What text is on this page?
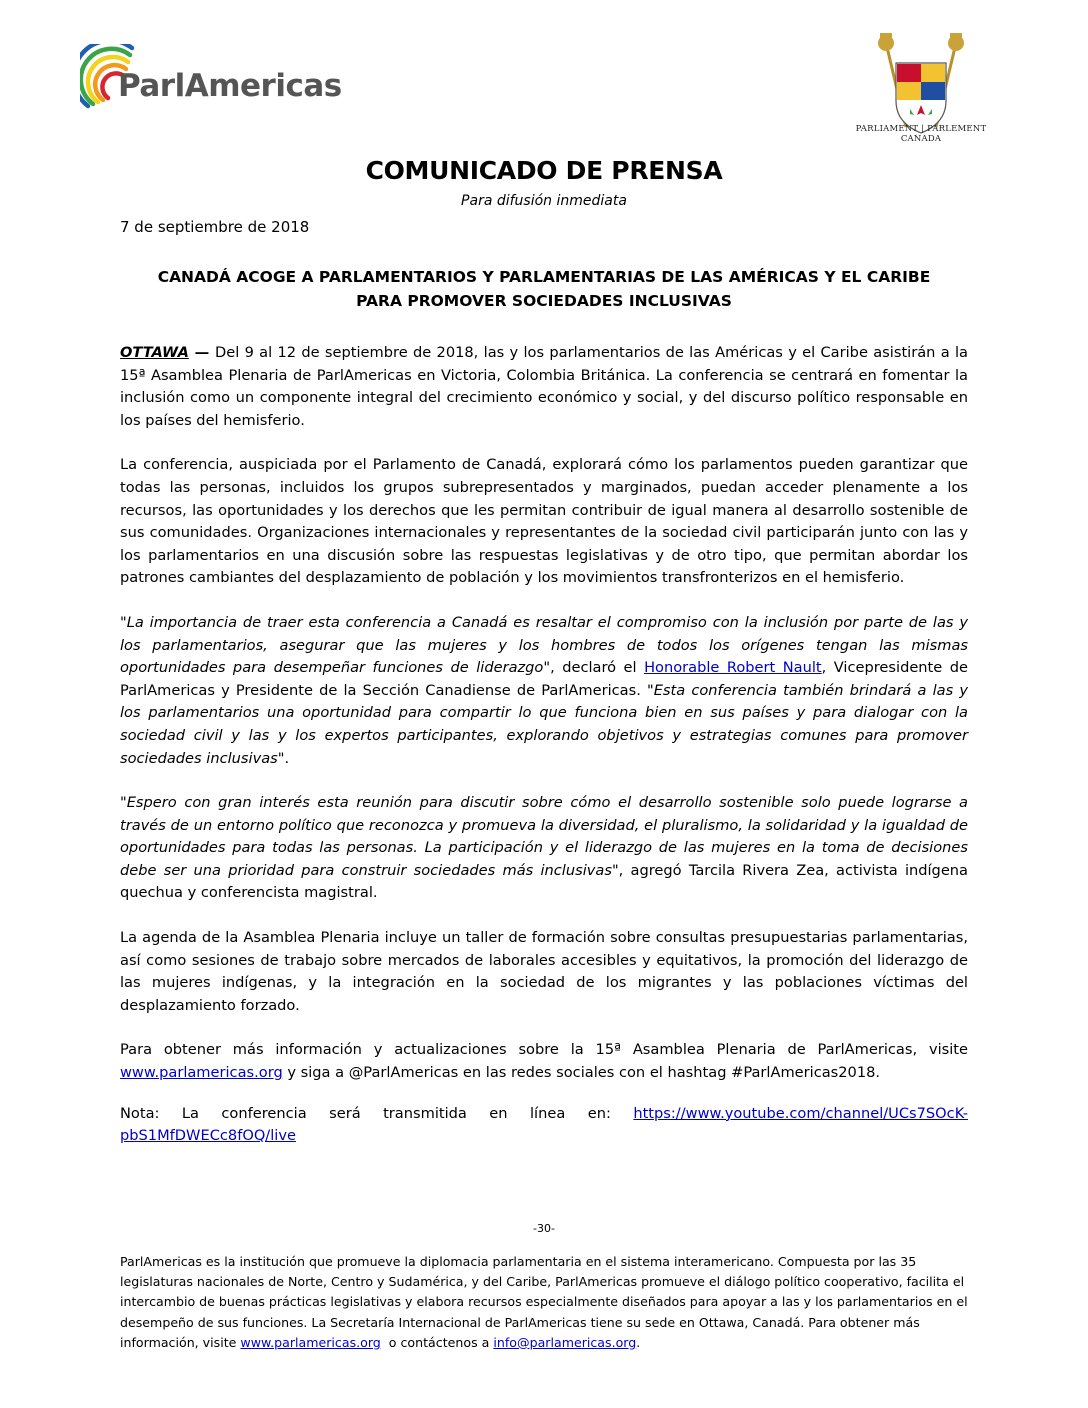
ParlAmericas
PARLIAMENT | PARLEMENT
CANADA
COMUNICADO DE PRENSA
Para difusión inmediata
7 de septiembre de 2018
CANADÁ ACOGE A PARLAMENTARIOS Y PARLAMENTARIAS DE LAS AMÉRICAS Y EL CARIBE
PARA PROMOVER SOCIEDADES INCLUSIVAS

OTTAWA — Del 9 al 12 de septiembre de 2018, las y los parlamentarios de las Américas y el Caribe asistirán a la 15ª Asamblea Plenaria de ParlAmericas en Victoria, Colombia Británica. La conferencia se centrará en fomentar la inclusión como un componente integral del crecimiento económico y social, y del discurso político responsable en los países del hemisferio.

La conferencia, auspiciada por el Parlamento de Canadá, explorará cómo los parlamentos pueden garantizar que todas las personas, incluidos los grupos subrepresentados y marginados, puedan acceder plenamente a los recursos, las oportunidades y los derechos que les permitan contribuir de igual manera al desarrollo sostenible de sus comunidades. Organizaciones internacionales y representantes de la sociedad civil participarán junto con las y los parlamentarios en una discusión sobre las respuestas legislativas y de otro tipo, que permitan abordar los patrones cambiantes del desplazamiento de población y los movimientos transfronterizos en el hemisferio.

"La importancia de traer esta conferencia a Canadá es resaltar el compromiso con la inclusión por parte de las y los parlamentarios, asegurar que las mujeres y los hombres de todos los orígenes tengan las mismas oportunidades para desempeñar funciones de liderazgo", declaró el Honorable Robert Nault, Vicepresidente de ParlAmericas y Presidente de la Sección Canadiense de ParlAmericas. "Esta conferencia también brindará a las y los parlamentarios una oportunidad para compartir lo que funciona bien en sus países y para dialogar con la sociedad civil y las y los expertos participantes, explorando objetivos y estrategias comunes para promover sociedades inclusivas".

"Espero con gran interés esta reunión para discutir sobre cómo el desarrollo sostenible solo puede lograrse a través de un entorno político que reconozca y promueva la diversidad, el pluralismo, la solidaridad y la igualdad de oportunidades para todas las personas. La participación y el liderazgo de las mujeres en la toma de decisiones debe ser una prioridad para construir sociedades más inclusivas", agregó Tarcila Rivera Zea, activista indígena quechua y conferencista magistral.

La agenda de la Asamblea Plenaria incluye un taller de formación sobre consultas presupuestarias parlamentarias, así como sesiones de trabajo sobre mercados de laborales accesibles y equitativos, la promoción del liderazgo de las mujeres indígenas, y la integración en la sociedad de los migrantes y las poblaciones víctimas del desplazamiento forzado.

Para obtener más información y actualizaciones sobre la 15ª Asamblea Plenaria de ParlAmericas, visite www.parlamericas.org y siga a @ParlAmericas en las redes sociales con el hashtag #ParlAmericas2018.

Nota: La conferencia será transmitida en línea en: https://www.youtube.com/channel/UCs7SOcK-pbS1MfDWECc8fOQ/live

-30-
ParlAmericas es la institución que promueve la diplomacia parlamentaria en el sistema interamericano. Compuesta por las 35 legislaturas nacionales de Norte, Centro y Sudamérica, y del Caribe, ParlAmericas promueve el diálogo político cooperativo, facilita el intercambio de buenas prácticas legislativas y elabora recursos especialmente diseñados para apoyar a las y los parlamentarios en el desempeño de sus funciones. La Secretaría Internacional de ParlAmericas tiene su sede en Ottawa, Canadá. Para obtener más información, visite www.parlamericas.org  o contáctenos a info@parlamericas.org.
